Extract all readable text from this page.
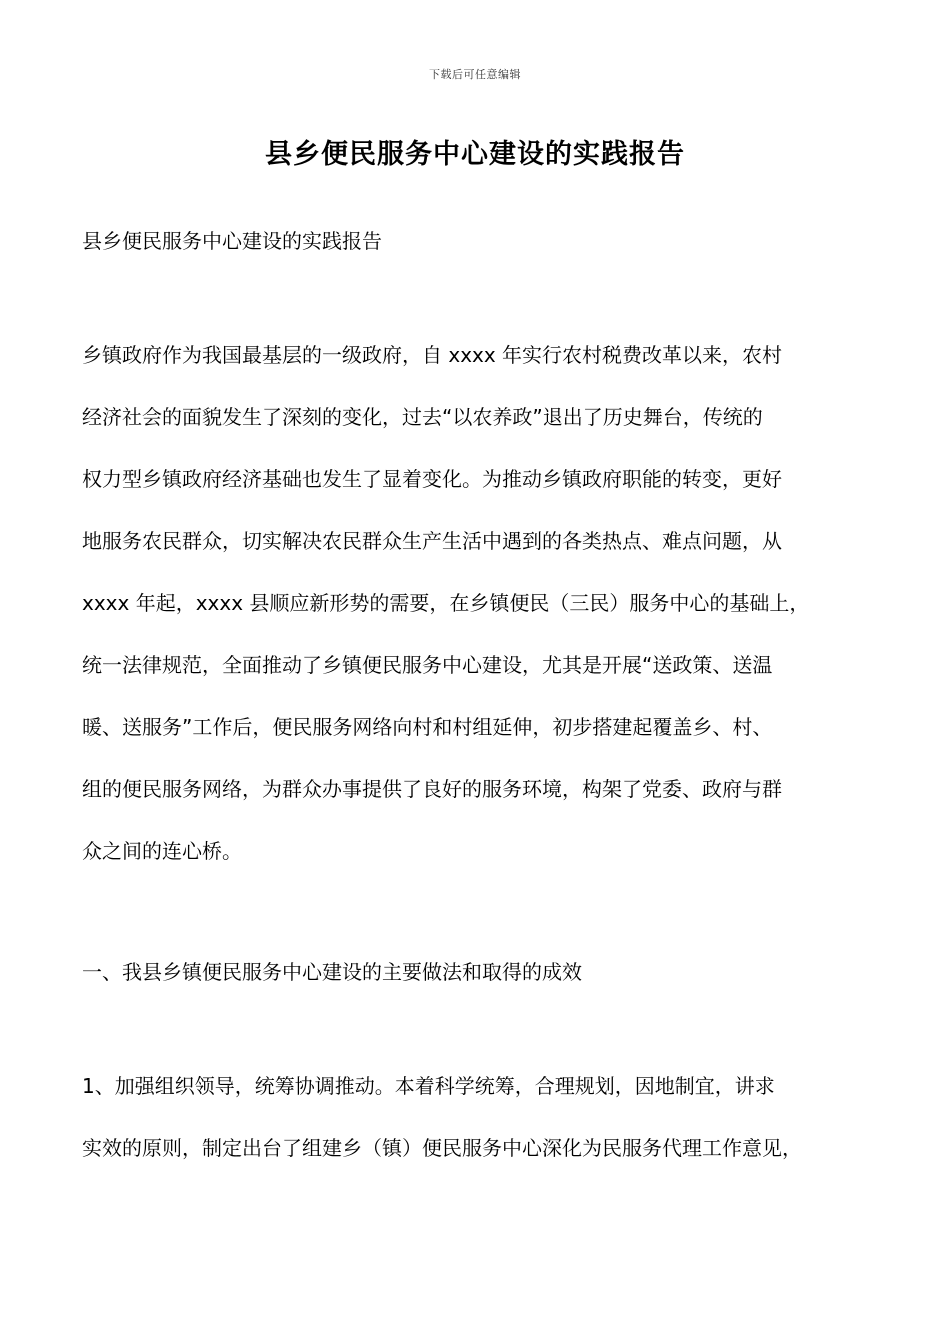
下载后可任意编辑
县乡便民服务中心建设的实践报告
县乡便民服务中心建设的实践报告
乡镇政府作为我国最基层的一级政府，自 xxxx 年实行农村税费改革以来，农村
经济社会的面貌发生了深刻的变化，过去“以农养政”退出了历史舞台，传统的
权力型乡镇政府经济基础也发生了显着变化。为推动乡镇政府职能的转变，更好
地服务农民群众，切实解决农民群众生产生活中遇到的各类热点、难点问题，从
xxxx 年起，xxxx 县顺应新形势的需要，在乡镇便民（三民）服务中心的基础上，
统一法律规范，全面推动了乡镇便民服务中心建设，尤其是开展“送政策、送温
暖、送服务”工作后，便民服务网络向村和村组延伸，初步搭建起覆盖乡、村、
组的便民服务网络，为群众办事提供了良好的服务环境，构架了党委、政府与群
众之间的连心桥。
一、我县乡镇便民服务中心建设的主要做法和取得的成效
1、加强组织领导，统筹协调推动。本着科学统筹，合理规划，因地制宜，讲求
实效的原则，制定出台了组建乡（镇）便民服务中心深化为民服务代理工作意见，
